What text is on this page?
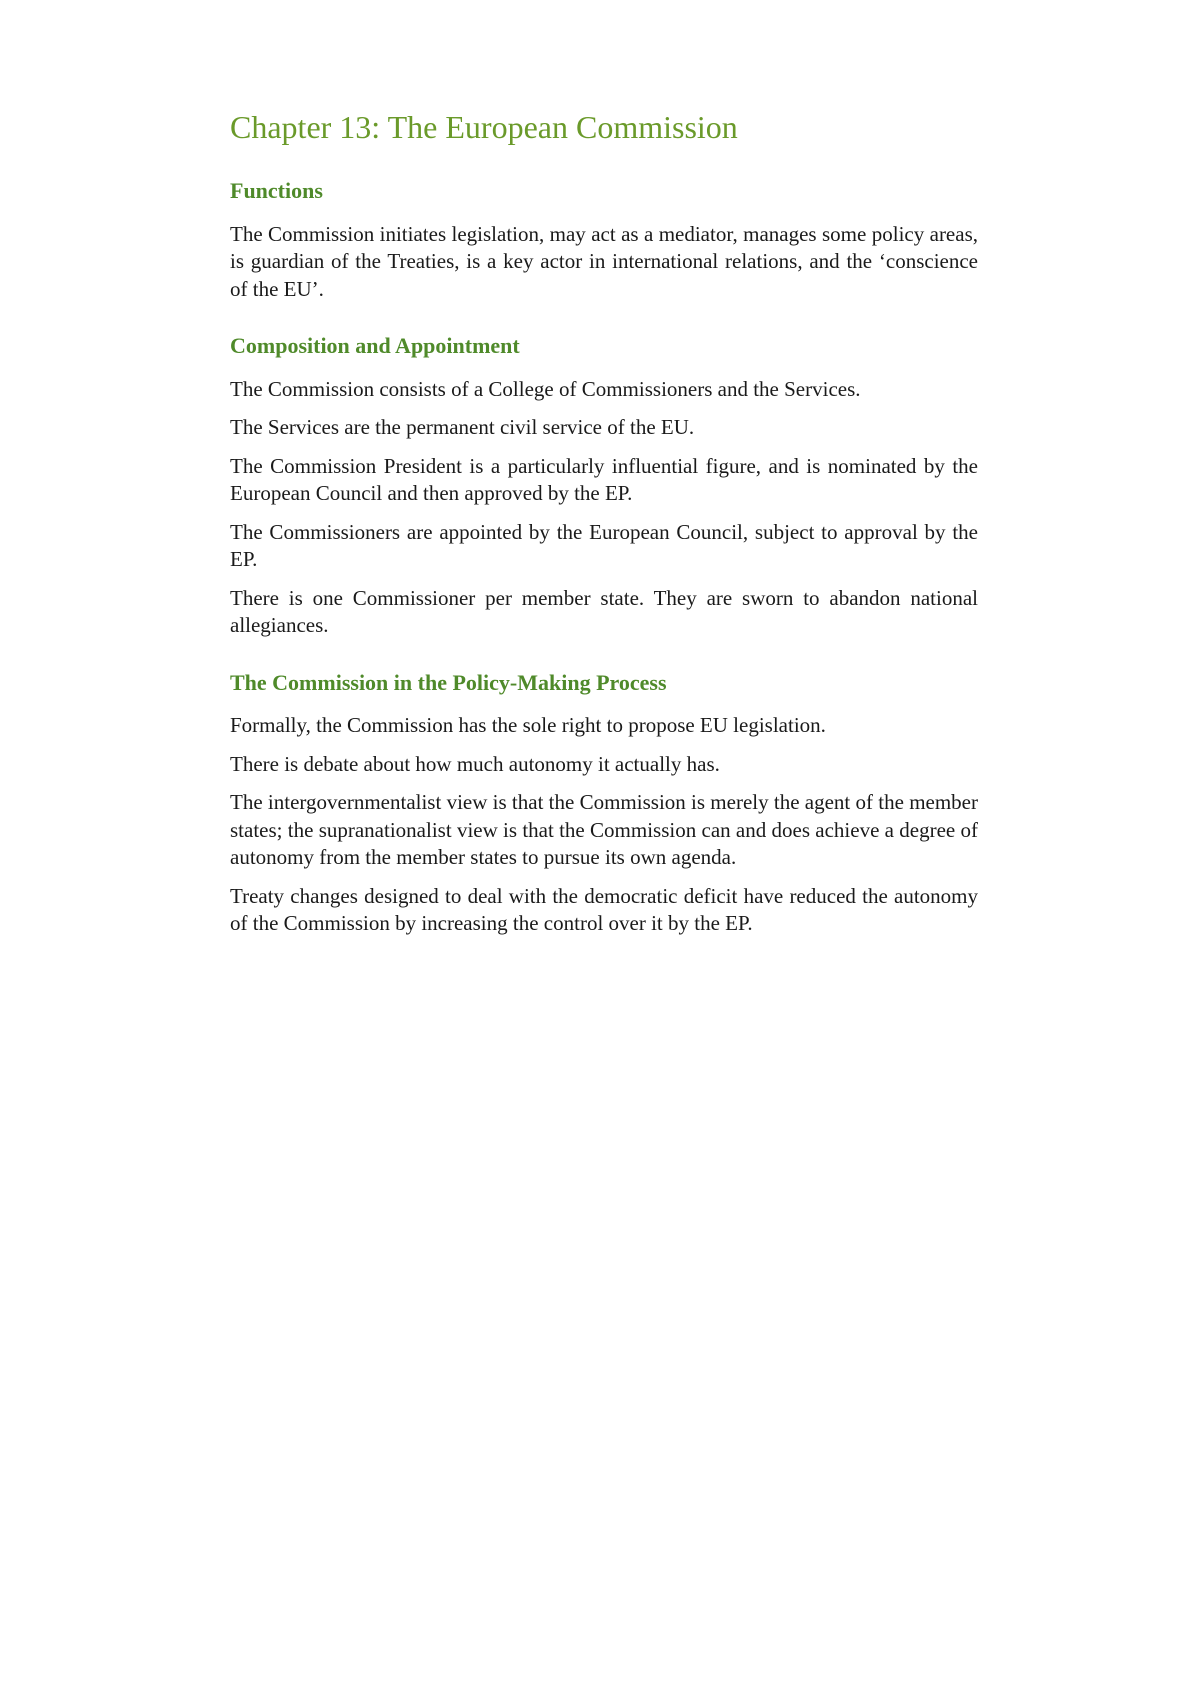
Chapter 13: The European Commission
Functions

The Commission initiates legislation, may act as a mediator, manages some policy areas, is guardian of the Treaties, is a key actor in international relations, and the ‘conscience of the EU’.

Composition and Appointment

The Commission consists of a College of Commissioners and the Services.

The Services are the permanent civil service of the EU.

The Commission President is a particularly influential figure, and is nominated by the European Council and then approved by the EP.

The Commissioners are appointed by the European Council, subject to approval by the EP.

There is one Commissioner per member state. They are sworn to abandon national allegiances.

The Commission in the Policy-Making Process

Formally, the Commission has the sole right to propose EU legislation.

There is debate about how much autonomy it actually has.

The intergovernmentalist view is that the Commission is merely the agent of the member states; the supranationalist view is that the Commission can and does achieve a degree of autonomy from the member states to pursue its own agenda.

Treaty changes designed to deal with the democratic deficit have reduced the autonomy of the Commission by increasing the control over it by the EP.
